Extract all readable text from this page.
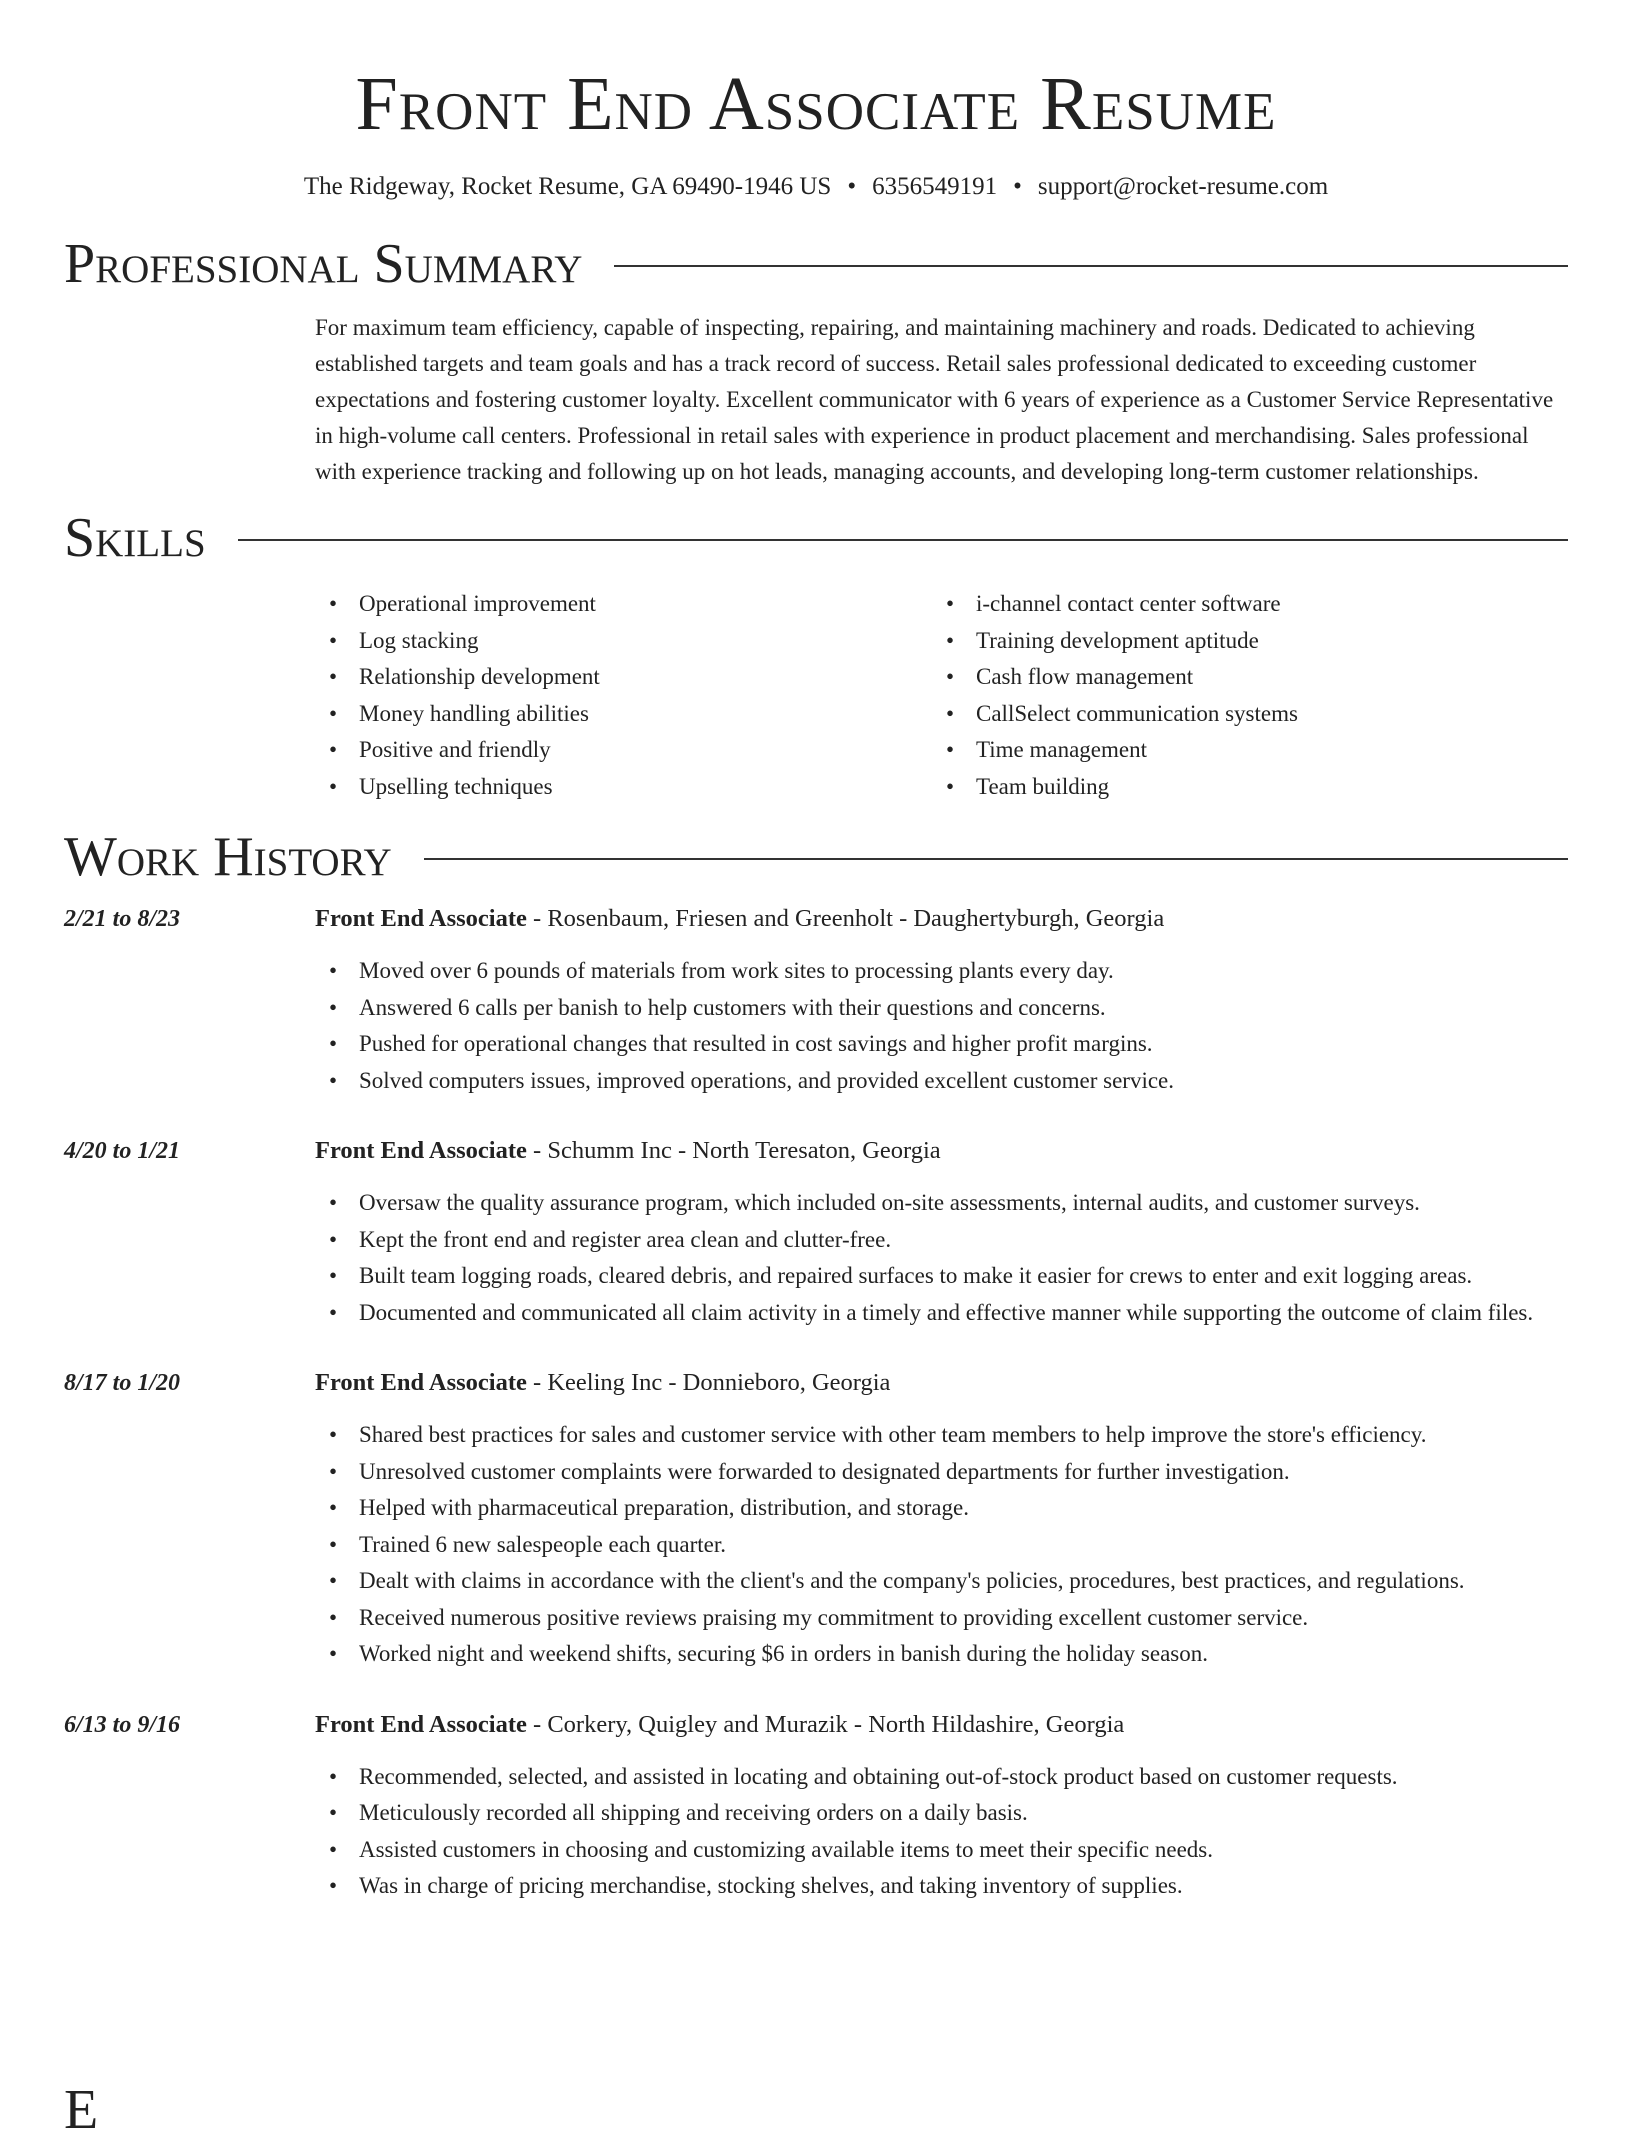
Front End Associate Resume
The Ridgeway, Rocket Resume, GA 69490-1946 US • 6356549191 • support@rocket-resume.com
Professional Summary

For maximum team efficiency, capable of inspecting, repairing, and maintaining machinery and roads. Dedicated to achieving established targets and team goals and has a track record of success. Retail sales professional dedicated to exceeding customer expectations and fostering customer loyalty. Excellent communicator with 6 years of experience as a Customer Service Representative in high-volume call centers. Professional in retail sales with experience in product placement and merchandising. Sales professional with experience tracking and following up on hot leads, managing accounts, and developing long-term customer relationships.

Skills
• Operational improvement
• Log stacking
• Relationship development
• Money handling abilities
• Positive and friendly
• Upselling techniques
• i-channel contact center software
• Training development aptitude
• Cash flow management
• CallSelect communication systems
• Time management
• Team building
Work History
2/21 to 8/23	Front End Associate - Rosenbaum, Friesen and Greenholt - Daughertyburgh, Georgia
• Moved over 6 pounds of materials from work sites to processing plants every day.
• Answered 6 calls per banish to help customers with their questions and concerns.
• Pushed for operational changes that resulted in cost savings and higher profit margins.
• Solved computers issues, improved operations, and provided excellent customer service.
4/20 to 1/21	Front End Associate - Schumm Inc - North Teresaton, Georgia
• Oversaw the quality assurance program, which included on-site assessments, internal audits, and customer surveys.
• Kept the front end and register area clean and clutter-free.
• Built team logging roads, cleared debris, and repaired surfaces to make it easier for crews to enter and exit logging areas.
• Documented and communicated all claim activity in a timely and effective manner while supporting the outcome of claim files.
8/17 to 1/20	Front End Associate - Keeling Inc - Donnieboro, Georgia
• Shared best practices for sales and customer service with other team members to help improve the store's efficiency.
• Unresolved customer complaints were forwarded to designated departments for further investigation.
• Helped with pharmaceutical preparation, distribution, and storage.
• Trained 6 new salespeople each quarter.
• Dealt with claims in accordance with the client's and the company's policies, procedures, best practices, and regulations.
• Received numerous positive reviews praising my commitment to providing excellent customer service.
• Worked night and weekend shifts, securing $6 in orders in banish during the holiday season.
6/13 to 9/16	Front End Associate - Corkery, Quigley and Murazik - North Hildashire, Georgia
• Recommended, selected, and assisted in locating and obtaining out-of-stock product based on customer requests.
• Meticulously recorded all shipping and receiving orders on a daily basis.
• Assisted customers in choosing and customizing available items to meet their specific needs.
• Was in charge of pricing merchandise, stocking shelves, and taking inventory of supplies.
E
